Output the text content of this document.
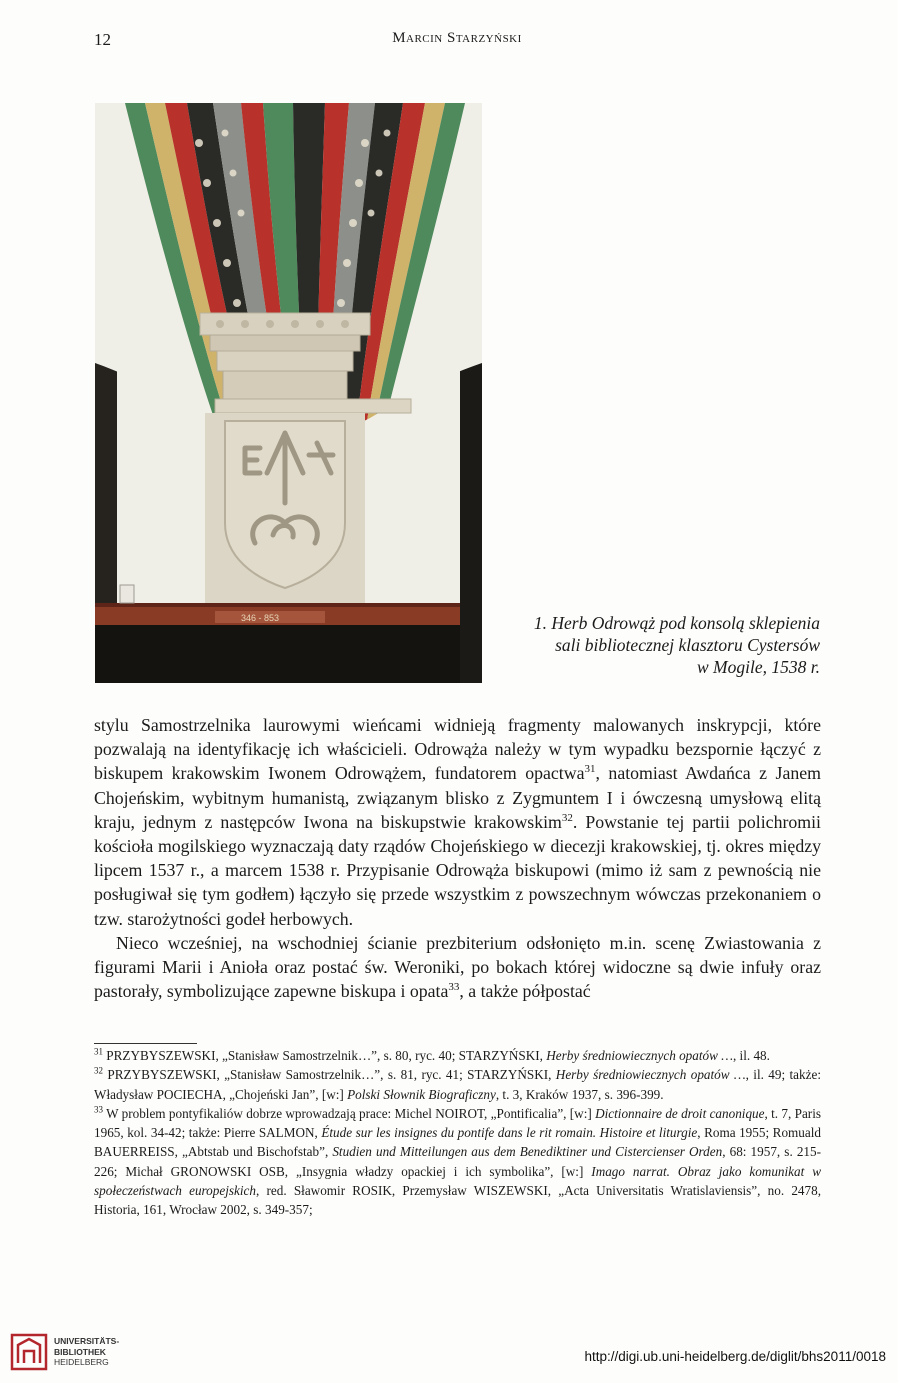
12	Marcin Starzyński
346 - 853	1. Herb Odrowąż pod konsolą sklepienia
sali bibliotecznej klasztoru Cystersów
w Mogile, 1538 r.

stylu Samostrzelnika laurowymi wieńcami widnieją fragmenty malowanych inskrypcji, które pozwalają na identyfikację ich właścicieli. Odrowąża należy w tym wypadku bezspornie łączyć z biskupem krakowskim Iwonem Odrowążem, fundatorem opactwa$^{31}$, natomiast Awdańca z Janem Chojeńskim, wybitnym humanistą, związanym blisko z Zygmuntem I i ówczesną umysłową elitą kraju, jednym z następców Iwona na biskupstwie krakowskim$^{32}$. Powstanie tej partii polichromii kościoła mogilskiego wyznaczają daty rządów Chojeńskiego w diecezji krakowskiej, tj. okres między lipcem 1537 r., a marcem 1538 r. Przypisanie Odrowąża biskupowi (mimo iż sam z pewnością nie posługiwał się tym godłem) łączyło się przede wszystkim z powszechnym wówczas przekonaniem o tzw. starożytności godeł herbowych.

Nieco wcześniej, na wschodniej ścianie prezbiterium odsłonięto m.in. scenę Zwiastowania z figurami Marii i Anioła oraz postać św. Weroniki, po bokach której widoczne są dwie infuły oraz pastorały, symbolizujące zapewne biskupa i opata$^{33}$, a także półpostać

$^{31}$ PRZYBYSZEWSKI, „Stanisław Samostrzelnik…”, s. 80, ryc. 40; STARZYŃSKI, Herby średniowiecznych opatów …, il. 48.

$^{32}$ PRZYBYSZEWSKI, „Stanisław Samostrzelnik…”, s. 81, ryc. 41; STARZYŃSKI, Herby średniowiecznych opatów …, il. 49; także: Władysław POCIECHA, „Chojeński Jan”, [w:] Polski Słownik Biograficzny, t. 3, Kraków 1937, s. 396-399.

$^{33}$ W problem pontyfikaliów dobrze wprowadzają prace: Michel NOIROT, „Pontificalia”, [w:] Dictionnaire de droit canonique, t. 7, Paris 1965, kol. 34-42; także: Pierre SALMON, Étude sur les insignes du pontife dans le rit romain. Histoire et liturgie, Roma 1955; Romuald BAUERREISS, „Abtstab und Bischofstab”, Studien und Mitteilungen aus dem Benediktiner und Cistercienser Orden, 68: 1957, s. 215-226; Michał GRONOWSKI OSB, „Insygnia władzy opackiej i ich symbolika”, [w:] Imago narrat. Obraz jako komunikat w społeczeństwach europejskich, red. Sławomir ROSIK, Przemysław WISZEWSKI, „Acta Universitatis Wratislaviensis”, no. 2478, Historia, 161, Wrocław 2002, s. 349-357;

UNIVERSITÄTS-
BIBLIOTHEK
HEIDELBERG	http://digi.ub.uni-heidelberg.de/diglit/bhs2011/0018
